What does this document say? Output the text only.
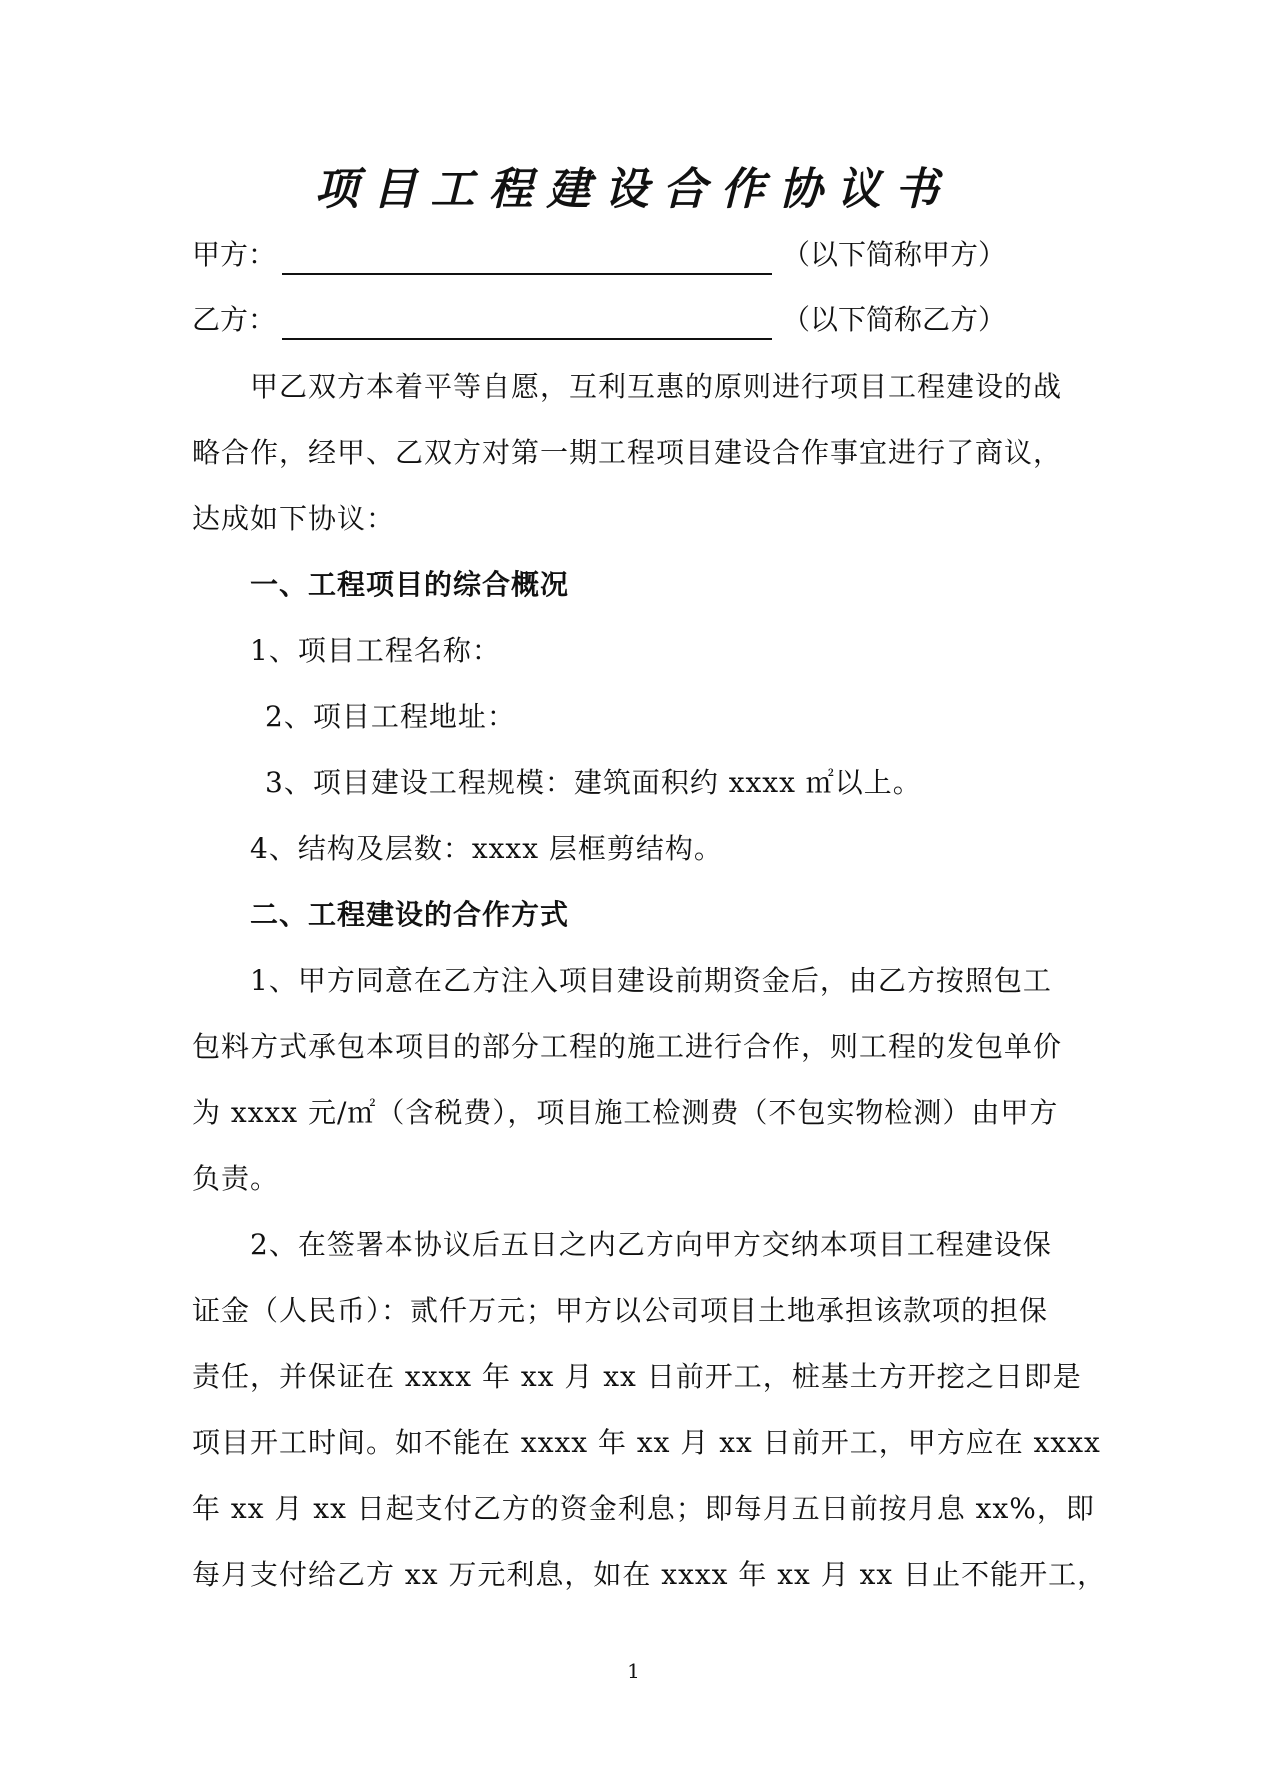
项目工程建设合作协议书
甲方：	（以下简称甲方）
乙方：	（以下简称乙方）
甲乙双方本着平等自愿，互利互惠的原则进行项目工程建设的战
略合作，经甲、乙双方对第一期工程项目建设合作事宜进行了商议，
达成如下协议：
一、工程项目的综合概况
1、项目工程名称：
2、项目工程地址：
3、项目建设工程规模：建筑面积约 xxxx ㎡以上。
4、结构及层数：xxxx 层框剪结构。
二、工程建设的合作方式
1、甲方同意在乙方注入项目建设前期资金后，由乙方按照包工
包料方式承包本项目的部分工程的施工进行合作，则工程的发包单价
为 xxxx 元/㎡（含税费），项目施工检测费（不包实物检测）由甲方
负责。
2、在签署本协议后五日之内乙方向甲方交纳本项目工程建设保
证金（人民币）：贰仟万元；甲方以公司项目土地承担该款项的担保
责任，并保证在 xxxx 年 xx 月 xx 日前开工，桩基土方开挖之日即是
项目开工时间。如不能在 xxxx 年 xx 月 xx 日前开工，甲方应在 xxxx
年 xx 月 xx 日起支付乙方的资金利息；即每月五日前按月息 xx%，即
每月支付给乙方 xx 万元利息，如在 xxxx 年 xx 月 xx 日止不能开工，
1
